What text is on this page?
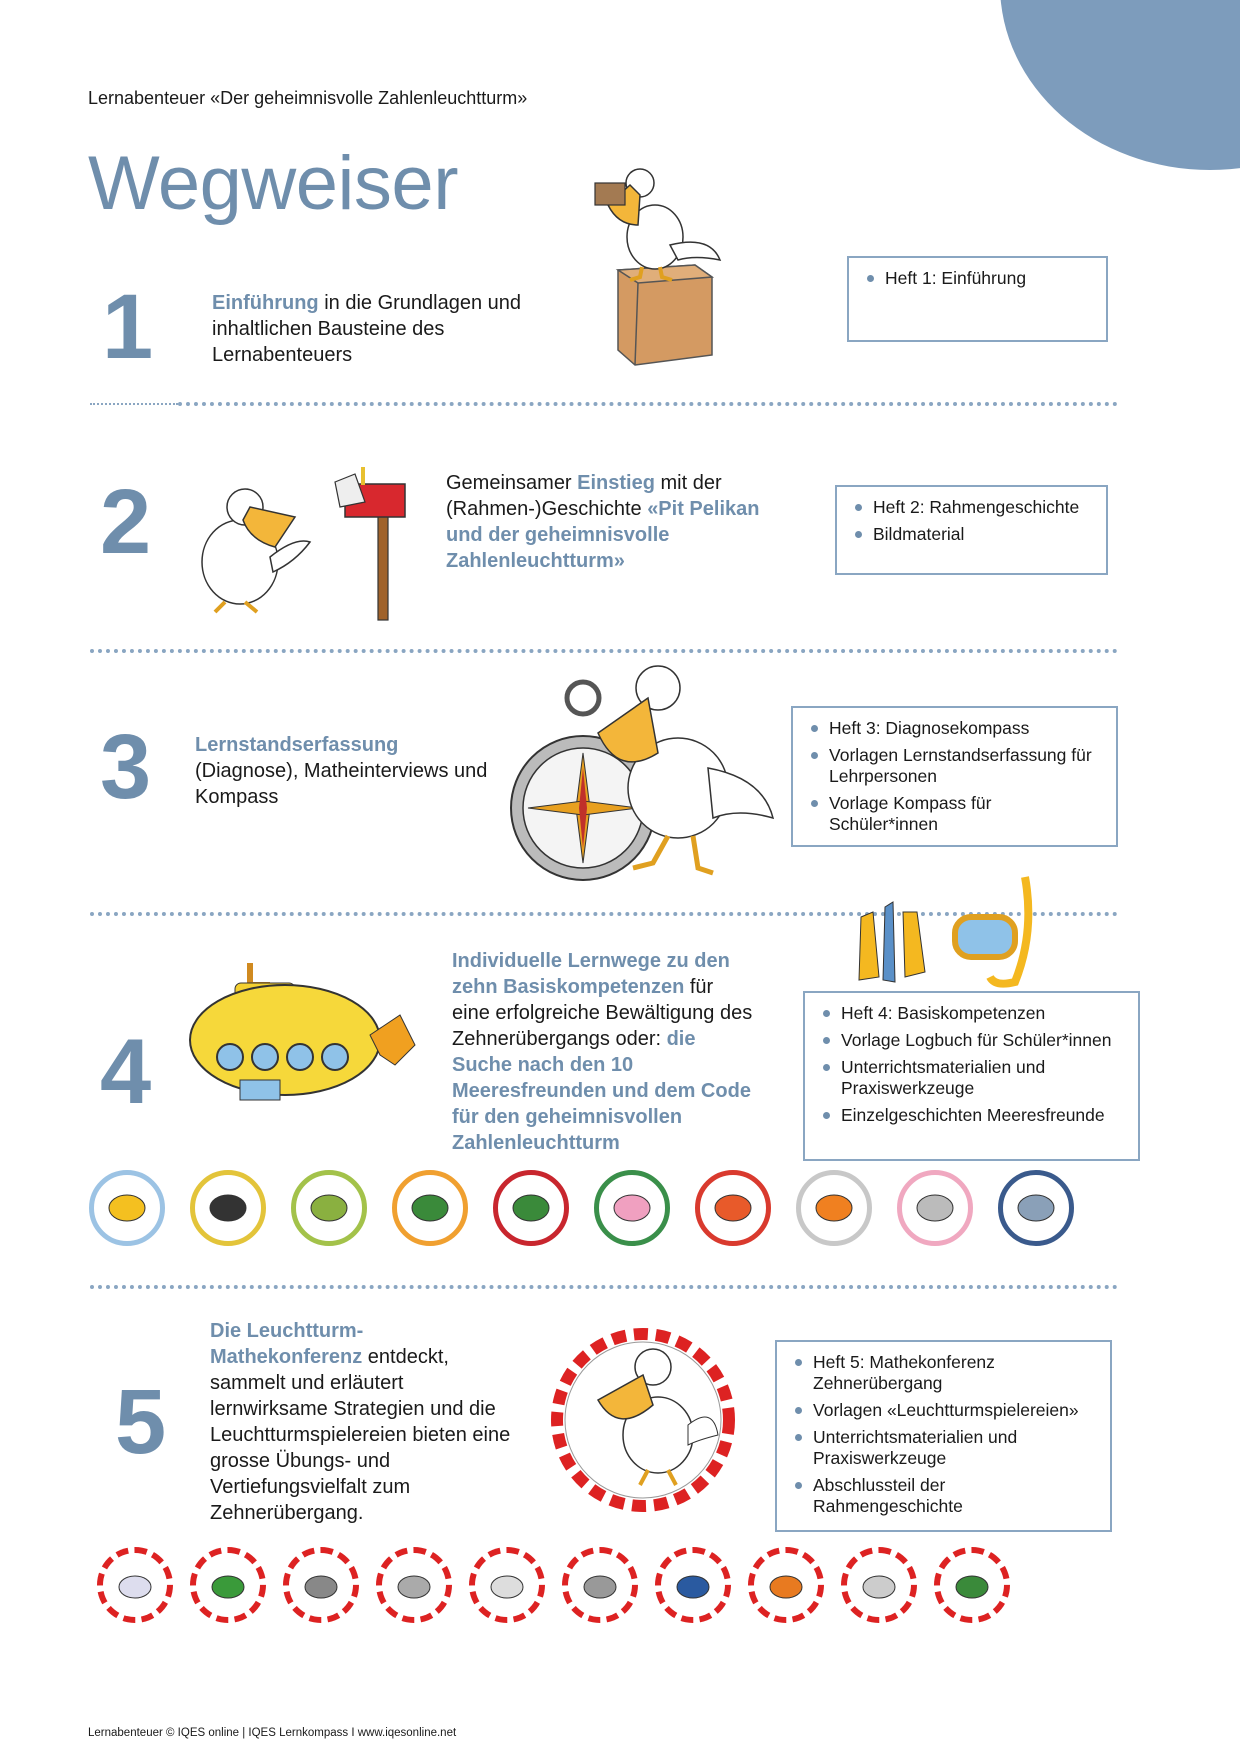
Lernabenteuer «Der geheimnisvolle Zahlenleuchtturm»
Wegweiser
1	Einführung in die Grundlagen und
inhaltlichen Bausteine des
Lernabenteuers
Heft 1: Einführung
2	Gemeinsamer Einstieg mit der
(Rahmen-)Geschichte «Pit Pelikan
und der geheimnisvolle
Zahlenleuchtturm»
Heft 2: Rahmengeschichte
Bildmaterial
3 Lernstandserfassung
(Diagnose), Matheinterviews und
Kompass
Heft 3: Diagnosekompass
Vorlagen Lernstandserfassung für Lehrpersonen
Vorlage Kompass für Schüler*innen
4
Individuelle Lernwege zu den
zehn Basiskompetenzen für
eine erfolgreiche Bewältigung des
Zehnerübergangs oder: die
Suche nach den 10
Meeresfreunden und dem Code
für den geheimnisvollen
Zahlenleuchtturm
Heft 4: Basiskompetenzen
Vorlage Logbuch für Schüler*innen
Unterrichtsmaterialien und Praxiswerkzeuge
Einzelgeschichten Meeresfreunde
5
Die Leuchtturm-
Mathekonferenz entdeckt,
sammelt und erläutert
lernwirksame Strategien und die
Leuchtturmspielereien bieten eine
grosse Übungs- und
Vertiefungsvielfalt zum
Zehnerübergang.
Heft 5: Mathekonferenz Zehnerübergang
Vorlagen «Leuchtturmspielereien»
Unterrichtsmaterialien und Praxiswerkzeuge
Abschlussteil der Rahmengeschichte
Lernabenteuer © IQES online | IQES Lernkompass I www.iqesonline.net
